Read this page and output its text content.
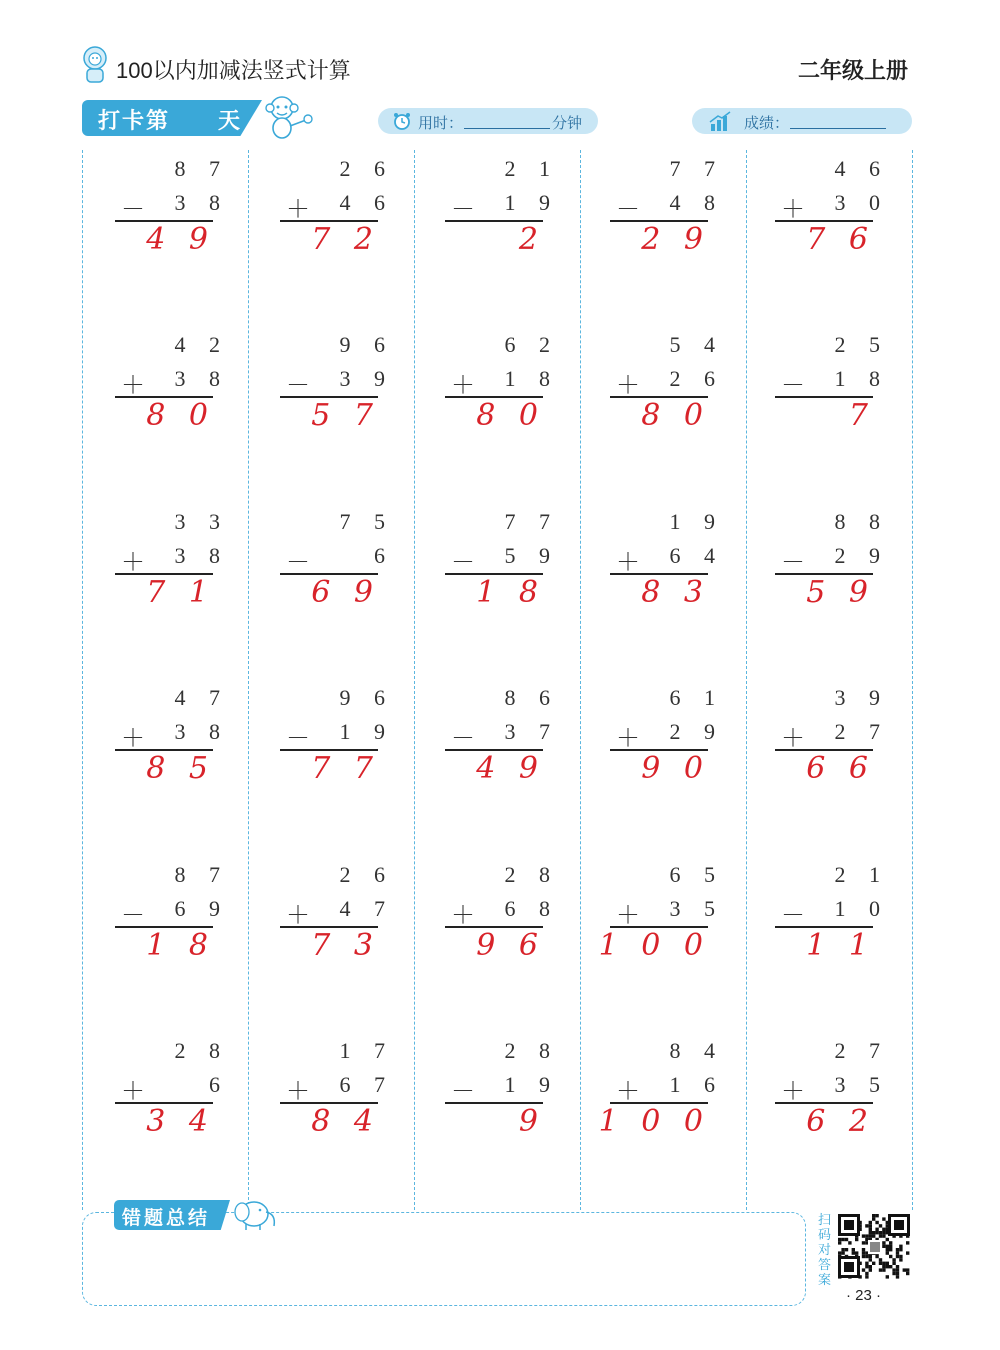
100以内加减法竖式计算	二年级上册
打卡第 天	用时：	分钟	成绩：
8 7
－	3 8
4 9
2 6
＋	4 6
7 2
2 1
－	1 9
2
7 7
－	4 8
2 9
4 6
＋	3 0
7 6
4 2
＋	3 8
8 0
9 6
－	3 9
5 7
6 2
＋	1 8
8 0
5 4
＋	2 6
8 0
2 5
－	1 8
7
3 3
＋	3 8
7 1
7 5
－	6
6 9
7 7
－	5 9
1 8
1 9
＋	6 4
8 3
8 8
－	2 9
5 9
4 7
＋	3 8
8 5
9 6
－	1 9
7 7
8 6
－	3 7
4 9
6 1
＋	2 9
9 0
3 9
＋	2 7
6 6
8 7
－	6 9
1 8
2 6
＋	4 7
7 3
2 8
＋	6 8
9 6
6 5
＋	3 5
1 0 0
2 1
－	1 0
1 1
2 8
＋	6
3 4
1 7
＋	6 7
8 4
2 8
－	1 9
9
8 4
＋	1 6
1 0 0
2 7
＋	3 5
6 2
错题总结	扫码对答案
· 23 ·
